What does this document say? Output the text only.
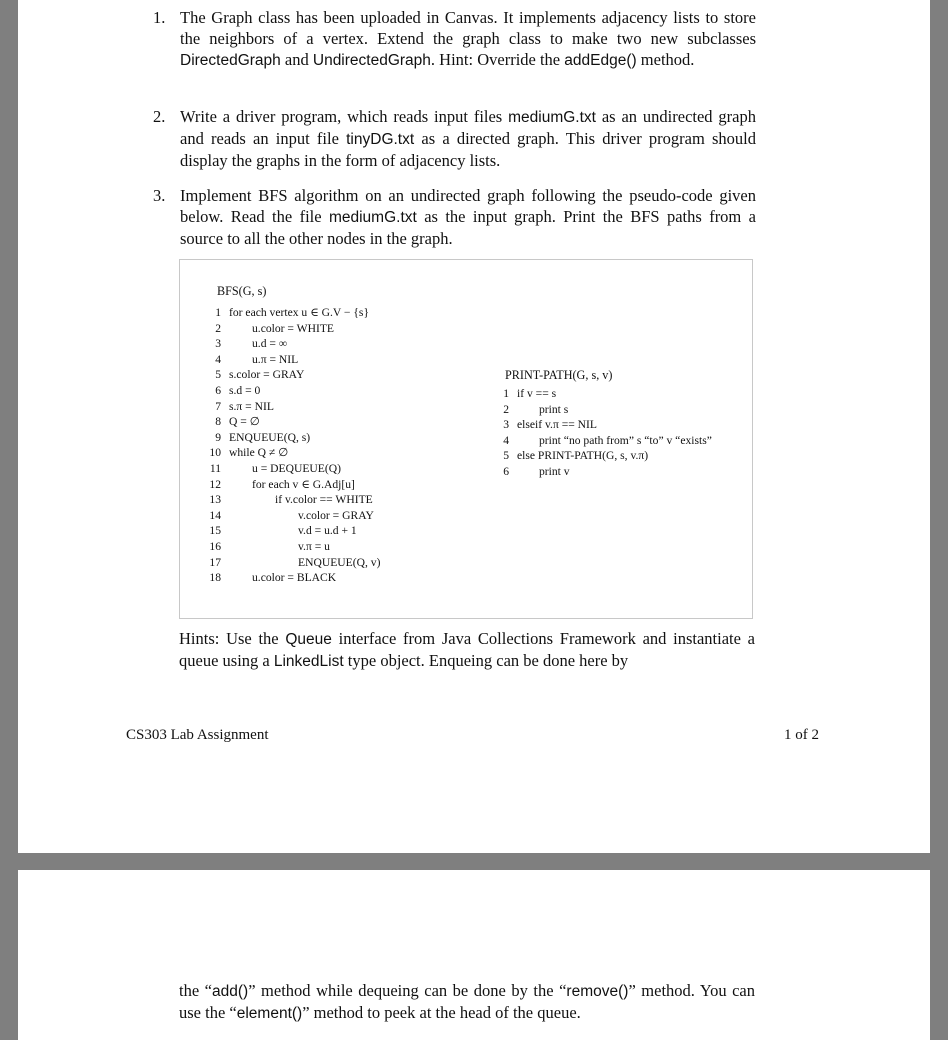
1. The Graph class has been uploaded in Canvas. It implements adjacency lists to store the neighbors of a vertex. Extend the graph class to make two new subclasses DirectedGraph and UndirectedGraph. Hint: Override the addEdge() method.
2. Write a driver program, which reads input files mediumG.txt as an undirected graph and reads an input file tinyDG.txt as a directed graph. This driver program should display the graphs in the form of adjacency lists.
3. Implement BFS algorithm on an undirected graph following the pseudo-code given below. Read the file mediumG.txt as the input graph. Print the BFS paths from a source to all the other nodes in the graph.
BFS(G, s)
1 for each vertex u ∈ G.V − {s}
2	u.color = WHITE
3	u.d = ∞
4	u.π = NIL
5 s.color = GRAY
6 s.d = 0
7 s.π = NIL
8 Q = ∅
9 ENQUEUE(Q, s)
10 while Q ≠ ∅
11	u = DEQUEUE(Q)
12	for each v ∈ G.Adj[u]
13	if v.color == WHITE
14	v.color = GRAY
15	v.d = u.d + 1
16	v.π = u
17	ENQUEUE(Q, v)
18	u.color = BLACK
PRINT-PATH(G, s, v)
1 if v == s
2	print s
3 elseif v.π == NIL
4	print “no path from” s “to” v “exists”
5 else PRINT-PATH(G, s, v.π)
6	print v
Hints: Use the Queue interface from Java Collections Framework and instantiate a queue using a LinkedList type object. Enqueing can be done here by
CS303 Lab Assignment	1 of 2
the “add()” method while dequeing can be done by the “remove()” method. You can use the “element()” method to peek at the head of the queue.
